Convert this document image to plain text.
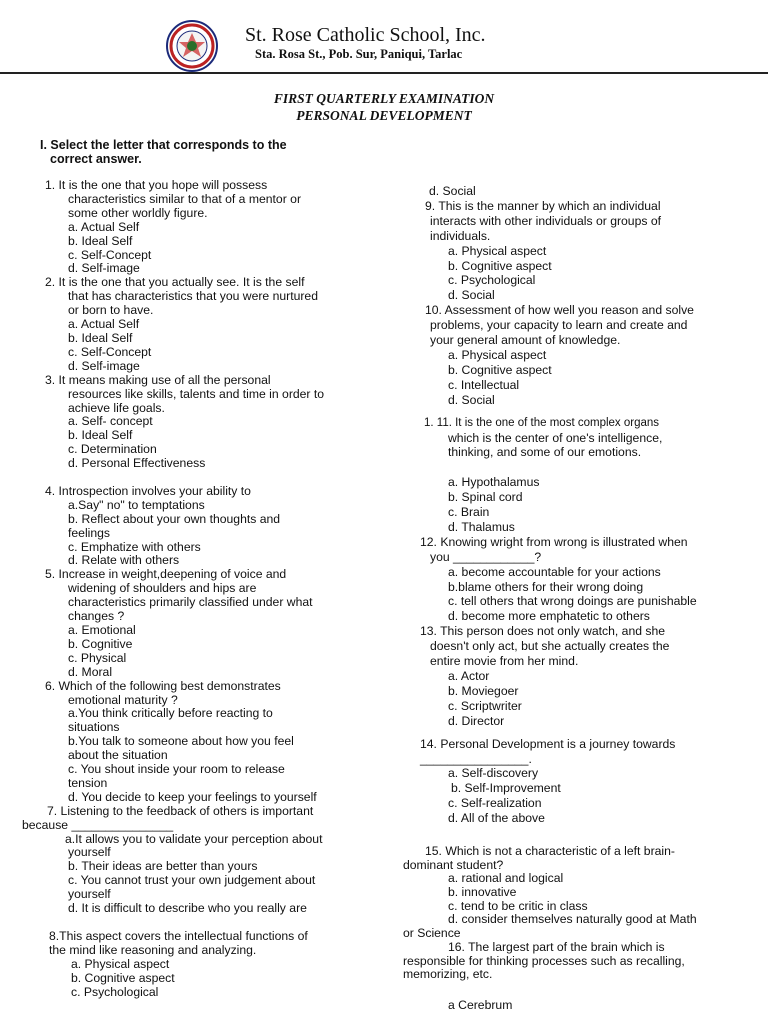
St. Rose Catholic School, Inc.
Sta. Rosa St., Pob. Sur, Paniqui, Tarlac
FIRST QUARTERLY EXAMINATION
PERSONAL DEVELOPMENT
I. Select the letter that corresponds to the
correct answer.
1. It is the one that you hope will possess
characteristics similar to that of a mentor or
some other worldly figure.
a. Actual Self
b. Ideal Self
c. Self-Concept
d. Self-image
2. It is the one that you actually see. It is the self
that has characteristics that you were nurtured
or born to have.
a. Actual Self
b. Ideal Self
c. Self-Concept
d. Self-image
3. It means making use of all the personal
resources like skills, talents and time in order to
achieve life goals.
a. Self- concept
b. Ideal Self
c. Determination
d. Personal Effectiveness
4. Introspection involves your ability to
a.Say" no" to temptations
b. Reflect about your own thoughts and
feelings
c. Emphatize with others
d. Relate with others
5. Increase in weight,deepening of voice and
widening of shoulders and hips are
characteristics primarily classified under what
changes ?
a. Emotional
b. Cognitive
c. Physical
d. Moral
6. Which of the following best demonstrates
emotional maturity ?
a.You think critically before reacting to
situations
b.You talk to someone about how you feel
about the situation
c. You shout inside your room to release
tension
d. You decide to keep your feelings to yourself
7. Listening to the feedback of others is important
because _______________
a.It allows you to validate your perception about
yourself
b. Their ideas are better than yours
c. You cannot trust your own judgement about
yourself
d. It is difficult to describe who you really are
8.This aspect covers the intellectual functions of
the mind like reasoning and analyzing.
a. Physical aspect
b. Cognitive aspect
c. Psychological
d. Social
9. This is the manner by which an individual
interacts with other individuals or groups of
individuals.
a. Physical aspect
b. Cognitive aspect
c. Psychological
d. Social
10. Assessment of how well you reason and solve
problems, your capacity to learn and create and
your general amount of knowledge.
a. Physical aspect
b. Cognitive aspect
c. Intellectual
d. Social
1. 11. It is the one of the most complex organs
which is the center of one's intelligence,
thinking, and some of our emotions.
a. Hypothalamus
b. Spinal cord
c. Brain
d. Thalamus
12. Knowing wright from wrong is illustrated when
you ____________?
a. become accountable for your actions
b.blame others for their wrong doing
c. tell others that wrong doings are punishable
d. become more emphatetic to others
13. This person does not only watch, and she
doesn't only act, but she actually creates the
entire movie from her mind.
a. Actor
b. Moviegoer
c. Scriptwriter
d. Director
14. Personal Development is a journey towards
________________.
a. Self-discovery
b. Self-Improvement
c. Self-realization
d. All of the above
15. Which is not a characteristic of a left brain-
dominant student?
a. rational and logical
b. innovative
c. tend to be critic in class
d. consider themselves naturally good at Math
or Science
16. The largest part of the brain which is
responsible for thinking processes such as recalling,
memorizing, etc.
a Cerebrum
